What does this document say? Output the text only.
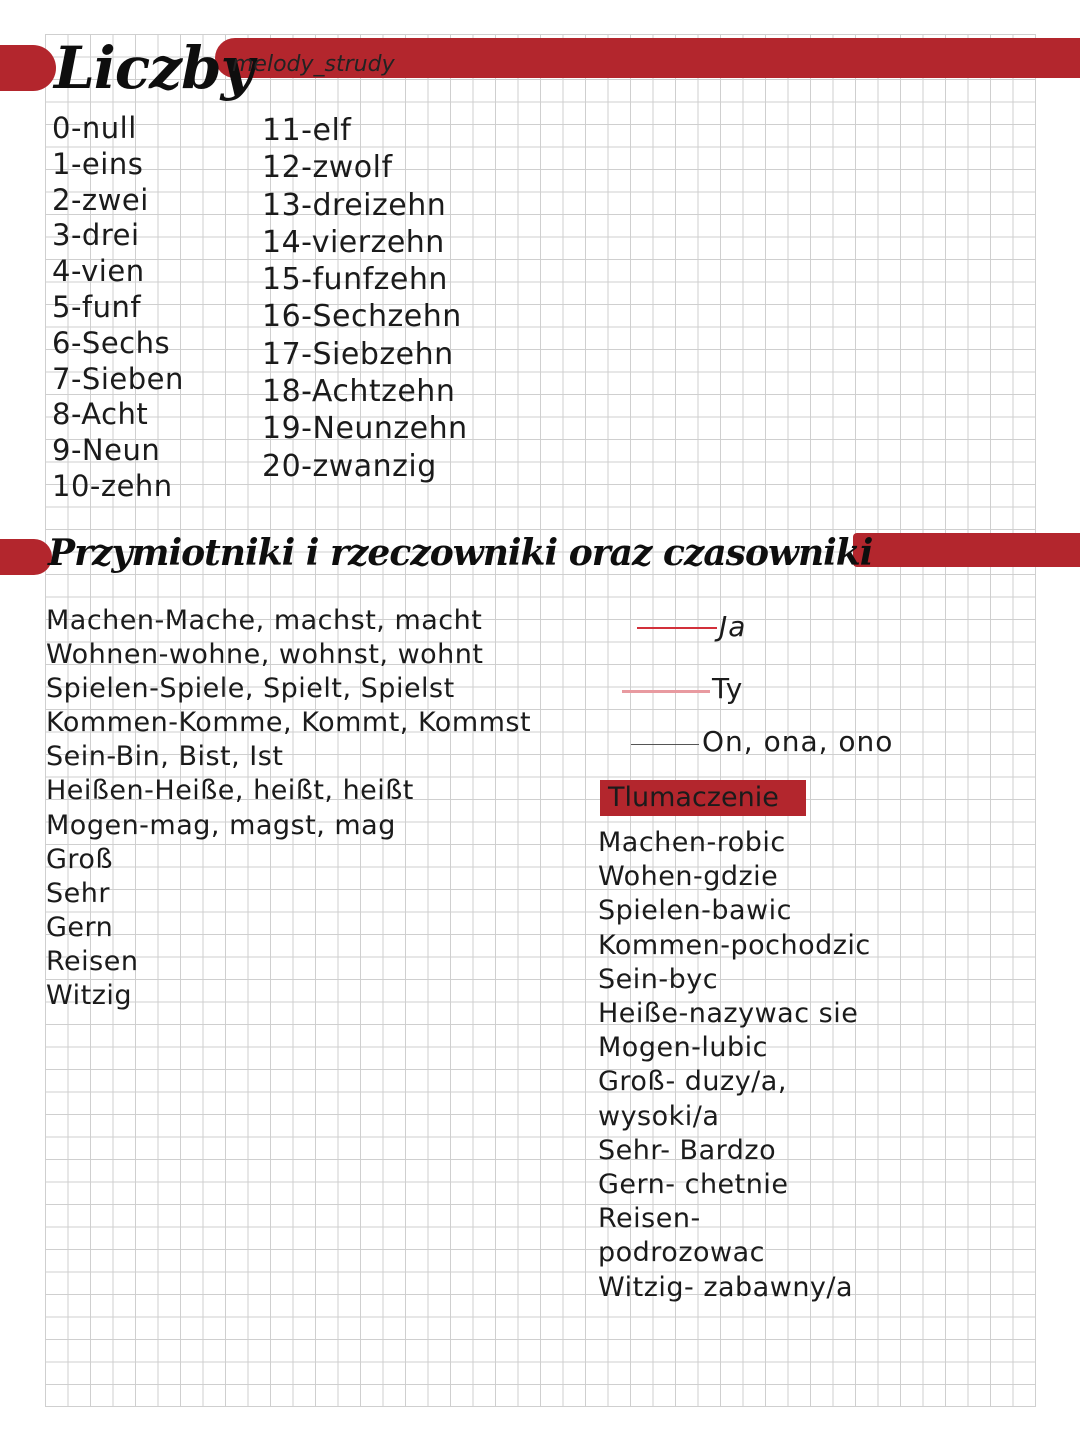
Liczby
melody_strudy
0-null
1-eins
2-zwei
3-drei
4-vien
5-funf
6-Sechs
7-Sieben
8-Acht
9-Neun
10-zehn
11-elf
12-zwolf
13-dreizehn
14-vierzehn
15-funfzehn
16-Sechzehn
17-Siebzehn
18-Achtzehn
19-Neunzehn
20-zwanzig
Przymiotniki i rzeczowniki oraz czasowniki
Machen-Mache, machst, macht
Wohnen-wohne, wohnst, wohnt
Spielen-Spiele, Spielt, Spielst
Kommen-Komme, Kommt, Kommst
Sein-Bin, Bist, Ist
Heißen-Heiße, heißt, heißt
Mogen-mag, magst, mag
Groß
Sehr
Gern
Reisen
Witzig
Ja
Ty
On, ona, ono
Tlumaczenie
Machen-robic
Wohen-gdzie
Spielen-bawic
Kommen-pochodzic
Sein-byc
Heiße-nazywac sie
Mogen-lubic
Groß- duzy/a,
wysoki/a
Sehr- Bardzo
Gern- chetnie
Reisen-
podrozowac
Witzig- zabawny/a
